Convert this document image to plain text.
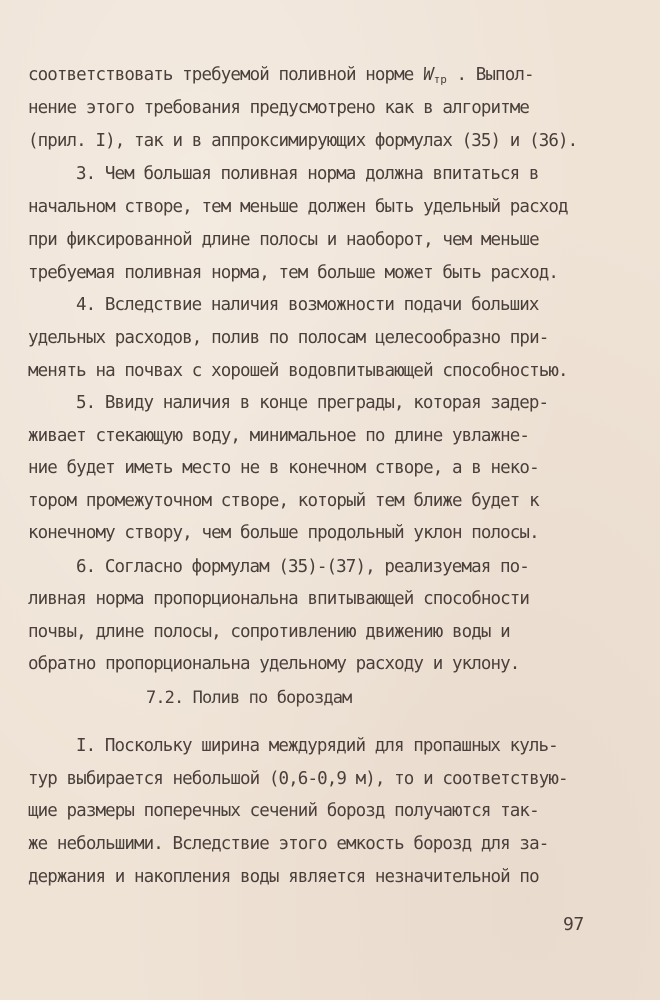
соответствовать требуемой поливной норме $W_{тр}$ . Выпол-
нение этого требования предусмотрено как в алгоритме
(прил. I), так и в аппроксимирующих формулах (35) и (36).
3. Чем большая поливная норма должна впитаться в
начальном створе, тем меньше должен быть удельный расход
при фиксированной длине полосы и наоборот, чем меньше
требуемая поливная норма, тем больше может быть расход.
4. Вследствие наличия возможности подачи больших
удельных расходов, полив по полосам целесообразно при-
менять на почвах с хорошей водовпитывающей способностью.
5. Ввиду наличия в конце преграды, которая задер-
живает стекающую воду, минимальное по длине увлажне-
ние будет иметь место не в конечном створе, а в неко-
тором промежуточном створе, который тем ближе будет к
конечному створу, чем больше продольный уклон полосы.
6. Согласно формулам (35)-(37), реализуемая по-
ливная норма пропорциональна впитывающей способности
почвы, длине полосы, сопротивлению движению воды и
обратно пропорциональна удельному расходу и уклону.
7.2. Полив по бороздам
I. Поскольку ширина междурядий для пропашных куль-
тур выбирается небольшой (0,6-0,9 м), то и соответствую-
щие размеры поперечных сечений борозд получаются так-
же небольшими. Вследствие этого емкость борозд для за-
держания и накопления воды является незначительной по
97
